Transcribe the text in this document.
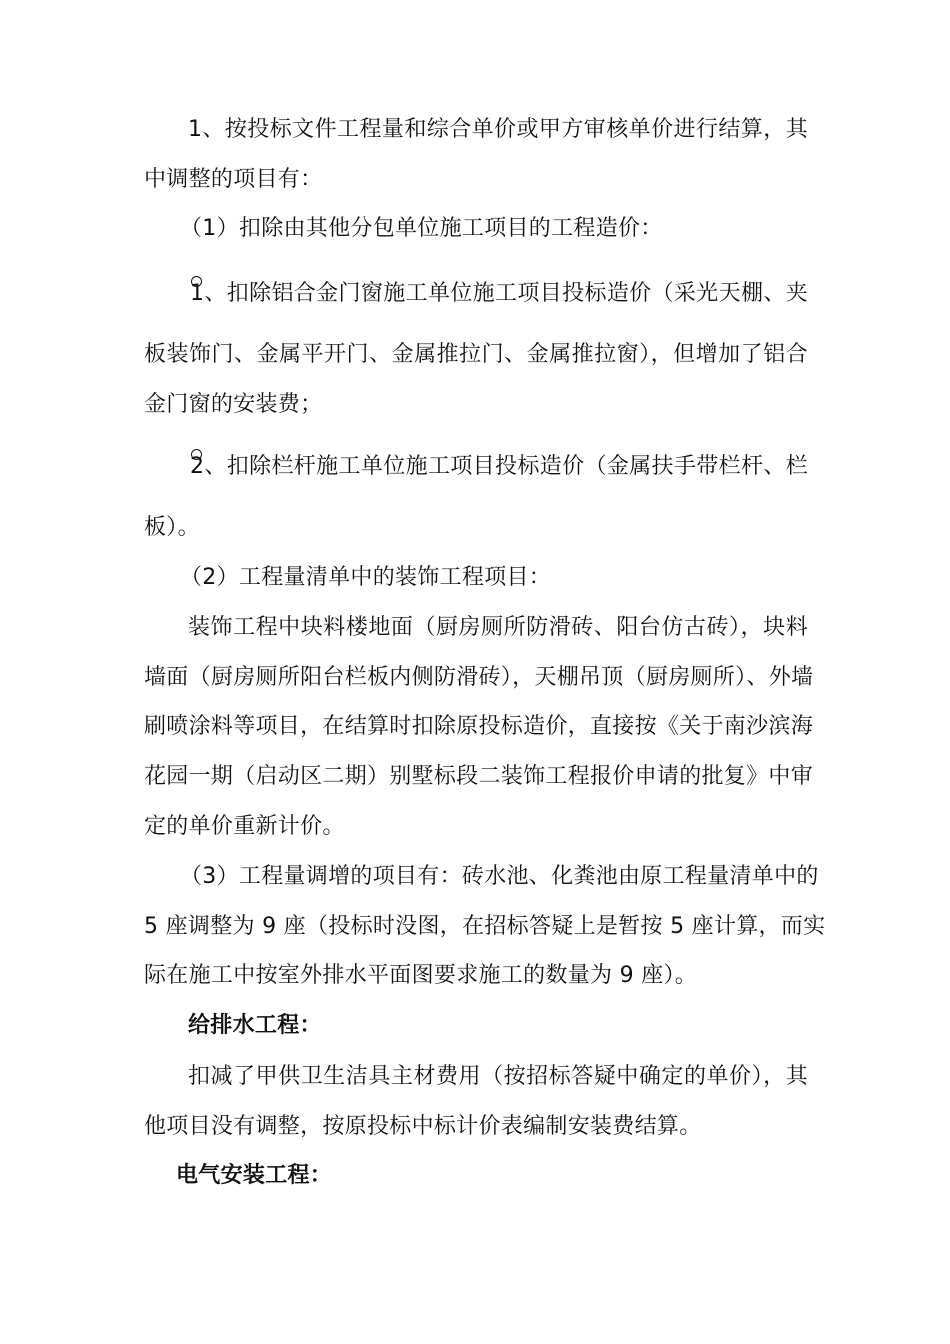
1、按投标文件工程量和综合单价或甲方审核单价进行结算，其
中调整的项目有：
（1）扣除由其他分包单位施工项目的工程造价：
1、扣除铝合金门窗施工单位施工项目投标造价（采光天棚、夹
板装饰门、金属平开门、金属推拉门、金属推拉窗），但增加了铝合
金门窗的安装费；
2、扣除栏杆施工单位施工项目投标造价（金属扶手带栏杆、栏
板）。
（2）工程量清单中的装饰工程项目：
装饰工程中块料楼地面（厨房厕所防滑砖、阳台仿古砖），块料
墙面（厨房厕所阳台栏板内侧防滑砖），天棚吊顶（厨房厕所）、外墙
刷喷涂料等项目，在结算时扣除原投标造价，直接按《关于南沙滨海
花园一期（启动区二期）别墅标段二装饰工程报价申请的批复》中审
定的单价重新计价。
（3）工程量调增的项目有：砖水池、化粪池由原工程量清单中的
5 座调整为 9 座（投标时没图，在招标答疑上是暂按 5 座计算，而实
际在施工中按室外排水平面图要求施工的数量为 9 座）。
给排水工程：
扣减了甲供卫生洁具主材费用（按招标答疑中确定的单价），其
他项目没有调整，按原投标中标计价表编制安装费结算。
电气安装工程：
